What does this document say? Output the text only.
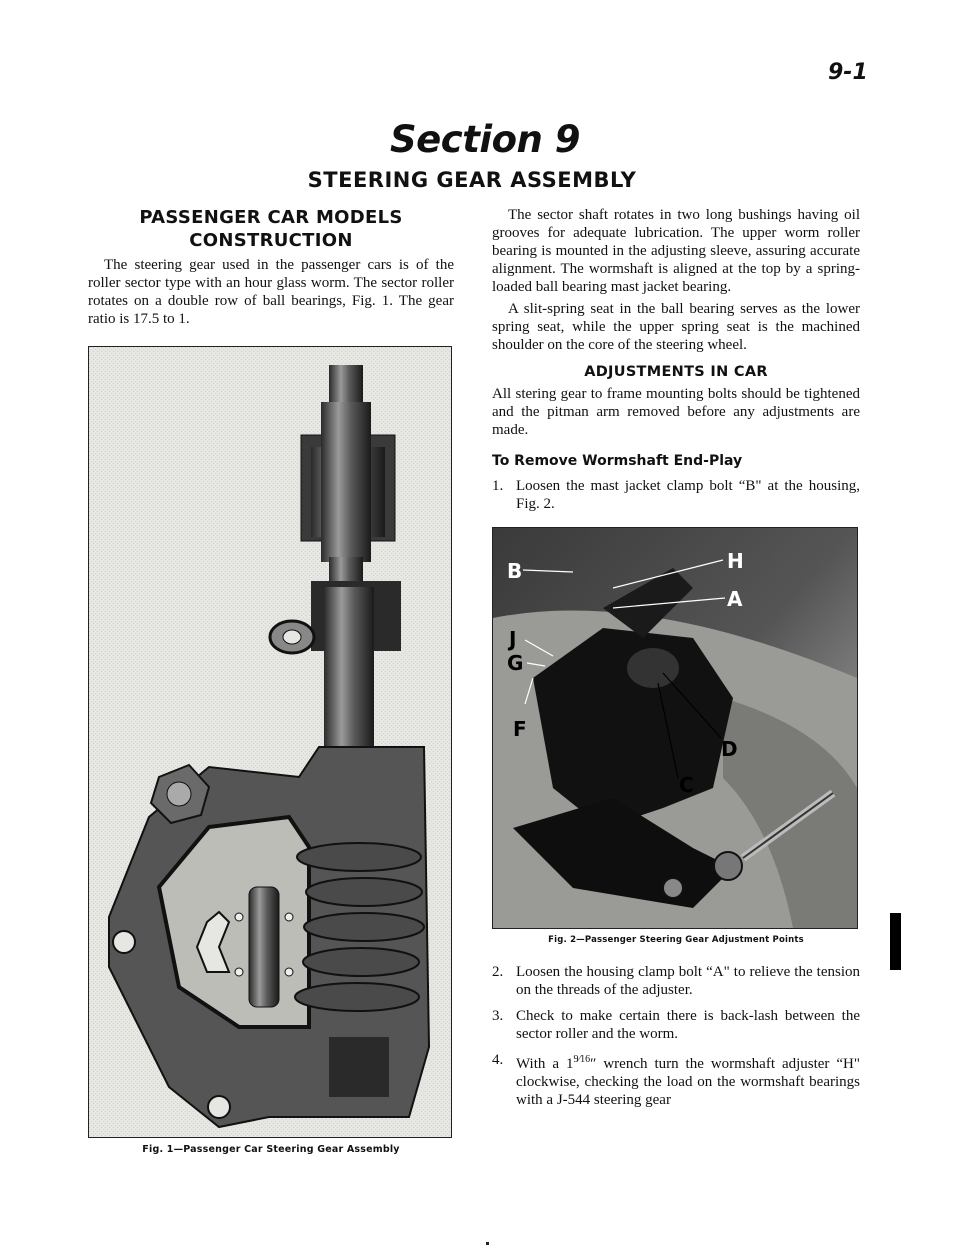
9-1
Section 9
STEERING GEAR ASSEMBLY
PASSENGER CAR MODELS
CONSTRUCTION

The steering gear used in the passenger cars is of the roller sector type with an hour glass worm. The sector roller rotates on a double row of ball bearings, Fig. 1. The gear ratio is 17.5 to 1.

Fig. 1—Passenger Car Steering Gear Assembly

The sector shaft rotates in two long bushings having oil grooves for adequate lubrication. The upper worm roller bearing is mounted in the adjusting sleeve, assuring accurate alignment. The wormshaft is aligned at the top by a spring-loaded ball bearing mast jacket bearing.

A slit-spring seat in the ball bearing serves as the lower spring seat, while the upper spring seat is the machined shoulder on the core of the steering wheel.

ADJUSTMENTS IN CAR

All stering gear to frame mounting bolts should be tightened and the pitman arm removed before any adjustments are made.

To Remove Wormshaft End-Play
1. Loosen the mast jacket clamp bolt “B" at the housing, Fig. 2.
B	H
A
J
G
F
D
C
Fig. 2—Passenger Steering Gear Adjustment Points
2. Loosen the housing clamp bolt “A" to relieve the tension on the threads of the adjuster.
3. Check to make certain there is back-lash between the sector roller and the worm.
4. With a $1^{9⁄16}''$ wrench turn the wormshaft adjuster “H" clockwise, checking the load on the wormshaft bearings with a J-544 steering gear
